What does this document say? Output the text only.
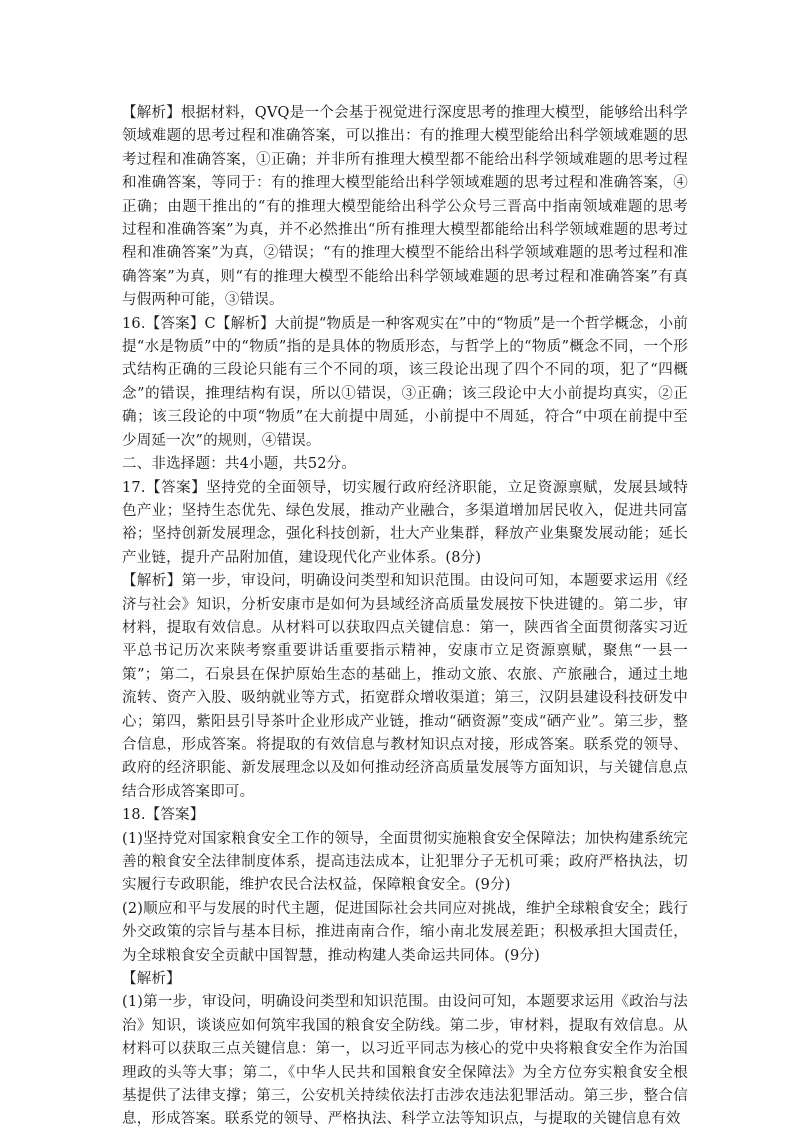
【解析】根据材料，QVQ是一个会基于视觉进行深度思考的推理大模型，能够给出科学领域难题的思考过程和准确答案，可以推出：有的推理大模型能给出科学领域难题的思考过程和准确答案，①正确；并非所有推理大模型都不能给出科学领域难题的思考过程和准确答案，等同于：有的推理大模型能给出科学领域难题的思考过程和准确答案，④正确；由题干推出的“有的推理大模型能给出科学公众号三晋高中指南领域难题的思考过程和准确答案”为真，并不必然推出“所有推理大模型都能给出科学领域难题的思考过程和准确答案”为真，②错误；“有的推理大模型不能给出科学领域难题的思考过程和准确答案”为真，则“有的推理大模型不能给出科学领域难题的思考过程和准确答案”有真与假两种可能，③错误。

16.【答案】C【解析】大前提“物质是一种客观实在”中的“物质”是一个哲学概念，小前提“水是物质”中的“物质”指的是具体的物质形态，与哲学上的“物质”概念不同，一个形式结构正确的三段论只能有三个不同的项，该三段论出现了四个不同的项，犯了“四概念”的错误，推理结构有误，所以①错误，③正确；该三段论中大小前提均真实，②正确；该三段论的中项“物质”在大前提中周延，小前提中不周延，符合“中项在前提中至少周延一次”的规则，④错误。

二、非选择题：共4小题，共52分。

17.【答案】坚持党的全面领导，切实履行政府经济职能，立足资源禀赋，发展县域特色产业；坚持生态优先、绿色发展，推动产业融合，多渠道增加居民收入，促进共同富裕；坚持创新发展理念，强化科技创新，壮大产业集群，释放产业集聚发展动能；延长产业链，提升产品附加值，建设现代化产业体系。(8分)

【解析】第一步，审设问，明确设问类型和知识范围。由设问可知，本题要求运用《经济与社会》知识，分析安康市是如何为县域经济高质量发展按下快进键的。第二步，审材料，提取有效信息。从材料可以获取四点关键信息：第一，陕西省全面贯彻落实习近平总书记历次来陕考察重要讲话重要指示精神，安康市立足资源禀赋，聚焦“一县一策”；第二，石泉县在保护原始生态的基础上，推动文旅、农旅、产旅融合，通过土地流转、资产入股、吸纳就业等方式，拓宽群众增收渠道；第三，汉阴县建设科技研发中心；第四，紫阳县引导茶叶企业形成产业链，推动“硒资源”变成“硒产业”。第三步，整合信息，形成答案。将提取的有效信息与教材知识点对接，形成答案。联系党的领导、政府的经济职能、新发展理念以及如何推动经济高质量发展等方面知识，与关键信息点结合形成答案即可。

18.【答案】

(1)坚持党对国家粮食安全工作的领导，全面贯彻实施粮食安全保障法；加快构建系统完善的粮食安全法律制度体系，提高违法成本，让犯罪分子无机可乘；政府严格执法，切实履行专政职能，维护农民合法权益，保障粮食安全。(9分)

(2)顺应和平与发展的时代主题，促进国际社会共同应对挑战，维护全球粮食安全；践行外交政策的宗旨与基本目标，推进南南合作，缩小南北发展差距；积极承担大国责任，为全球粮食安全贡献中国智慧，推动构建人类命运共同体。(9分)

【解析】

(1)第一步，审设问，明确设问类型和知识范围。由设问可知，本题要求运用《政治与法治》知识，谈谈应如何筑牢我国的粮食安全防线。第二步，审材料，提取有效信息。从材料可以获取三点关键信息：第一，以习近平同志为核心的党中央将粮食安全作为治国理政的头等大事；第二，《中华人民共和国粮食安全保障法》为全方位夯实粮食安全根基提供了法律支撑；第三，公安机关持续依法打击涉农违法犯罪活动。第三步，整合信息，形成答案。联系党的领导、严格执法、科学立法等知识点，与提取的关键信息有效
